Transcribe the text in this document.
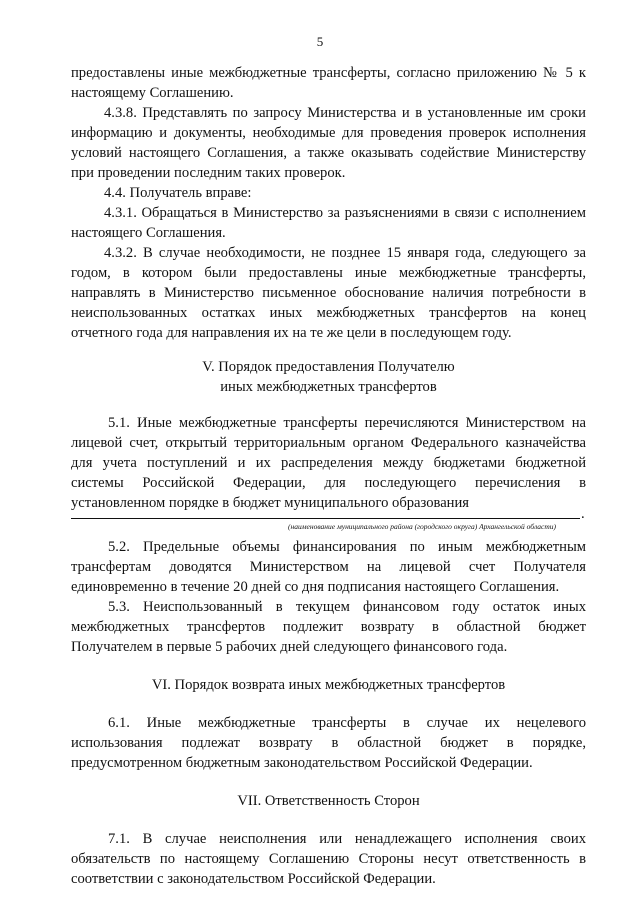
5

предоставлены иные межбюджетные трансферты, согласно приложению № 5 к настоящему Соглашению.

4.3.8. Представлять по запросу Министерства и в установленные им сроки информацию и документы, необходимые для проведения проверок исполнения условий настоящего Соглашения, а также оказывать содействие Министерству при проведении последним таких проверок.

4.4. Получатель вправе:

4.3.1. Обращаться в Министерство за разъяснениями в связи с исполнением настоящего Соглашения.

4.3.2. В случае необходимости, не позднее 15 января года, следующего за годом, в котором были предоставлены иные межбюджетные трансферты, направлять в Министерство письменное обоснование наличия потребности в неиспользованных остатках иных межбюджетных трансфертов на конец отчетного года для направления их на те же цели в последующем году.

V. Порядок предоставления Получателю

иных межбюджетных трансфертов

5.1. Иные межбюджетные трансферты перечисляются Министерством на лицевой счет, открытый территориальным органом Федерального казначейства для учета поступлений и их распределения между бюджетами бюджетной системы Российской Федерации, для последующего перечисления в установленном порядке в бюджет муниципального образования

.
(наименование муниципального района (городского округа) Архангельской области)

5.2. Предельные объемы финансирования по иным межбюджетным трансфертам доводятся Министерством на лицевой счет Получателя единовременно в течение 20 дней со дня подписания настоящего Соглашения.

5.3. Неиспользованный в текущем финансовом году остаток иных межбюджетных трансфертов подлежит возврату в областной бюджет Получателем в первые 5 рабочих дней следующего финансового года.

VI. Порядок возврата иных межбюджетных трансфертов

6.1. Иные межбюджетные трансферты в случае их нецелевого использования подлежат возврату в областной бюджет в порядке, предусмотренном бюджетным законодательством Российской Федерации.

VII. Ответственность Сторон

7.1. В случае неисполнения или ненадлежащего исполнения своих обязательств по настоящему Соглашению Стороны несут ответственность в соответствии с законодательством Российской Федерации.
